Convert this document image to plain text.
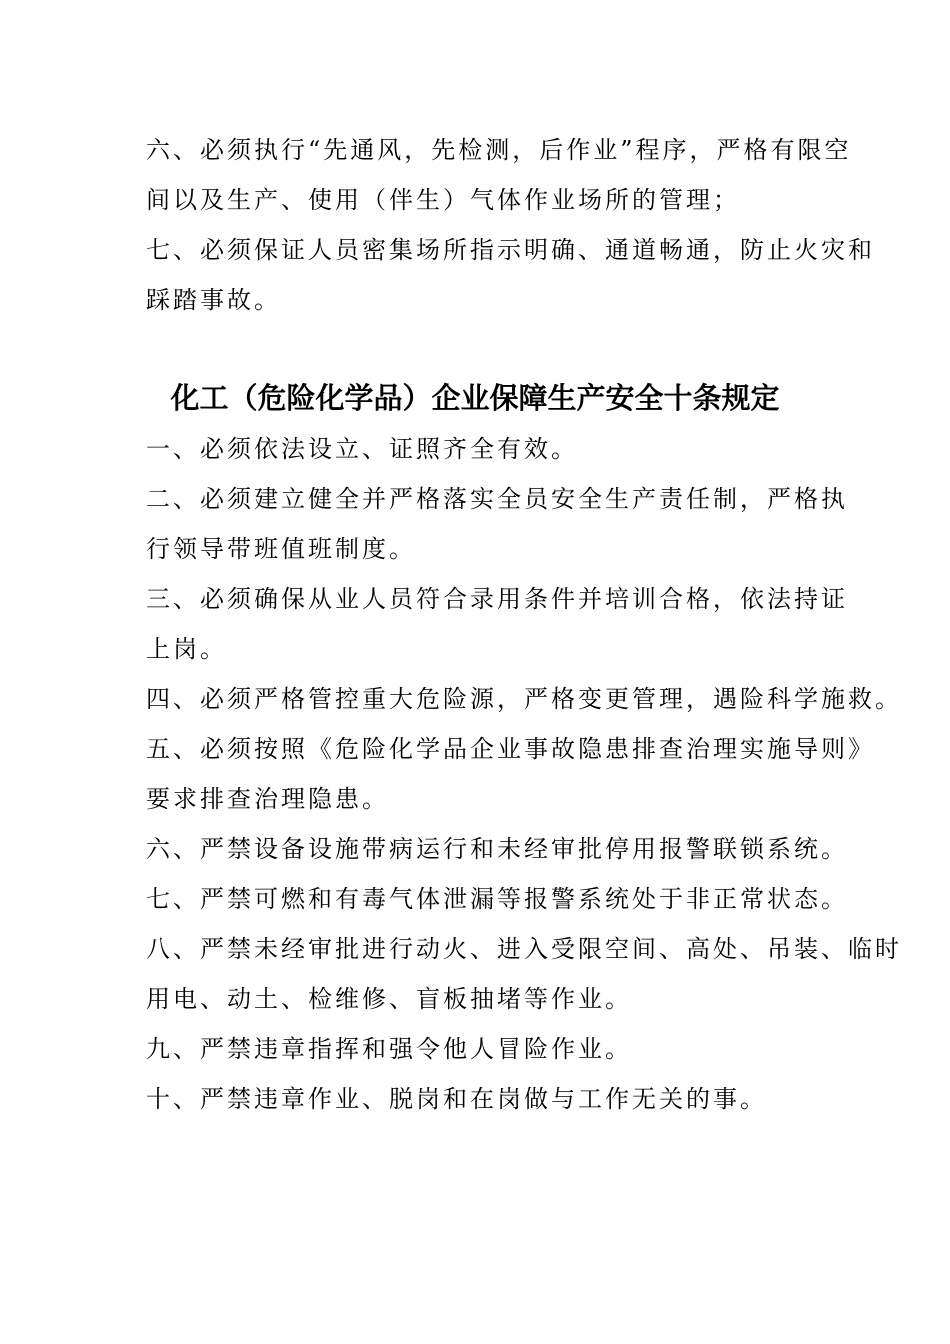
六、必须执行“先通风，先检测，后作业”程序，严格有限空
间以及生产、使用（伴生）气体作业场所的管理；
七、必须保证人员密集场所指示明确、通道畅通，防止火灾和
踩踏事故。
化工（危险化学品）企业保障生产安全十条规定
一、必须依法设立、证照齐全有效。
二、必须建立健全并严格落实全员安全生产责任制，严格执
行领导带班值班制度。
三、必须确保从业人员符合录用条件并培训合格，依法持证
上岗。
四、必须严格管控重大危险源，严格变更管理，遇险科学施救。
五、必须按照《危险化学品企业事故隐患排查治理实施导则》
要求排查治理隐患。
六、严禁设备设施带病运行和未经审批停用报警联锁系统。
七、严禁可燃和有毒气体泄漏等报警系统处于非正常状态。
八、严禁未经审批进行动火、进入受限空间、高处、吊装、临时
用电、动土、检维修、盲板抽堵等作业。
九、严禁违章指挥和强令他人冒险作业。
十、严禁违章作业、脱岗和在岗做与工作无关的事。
